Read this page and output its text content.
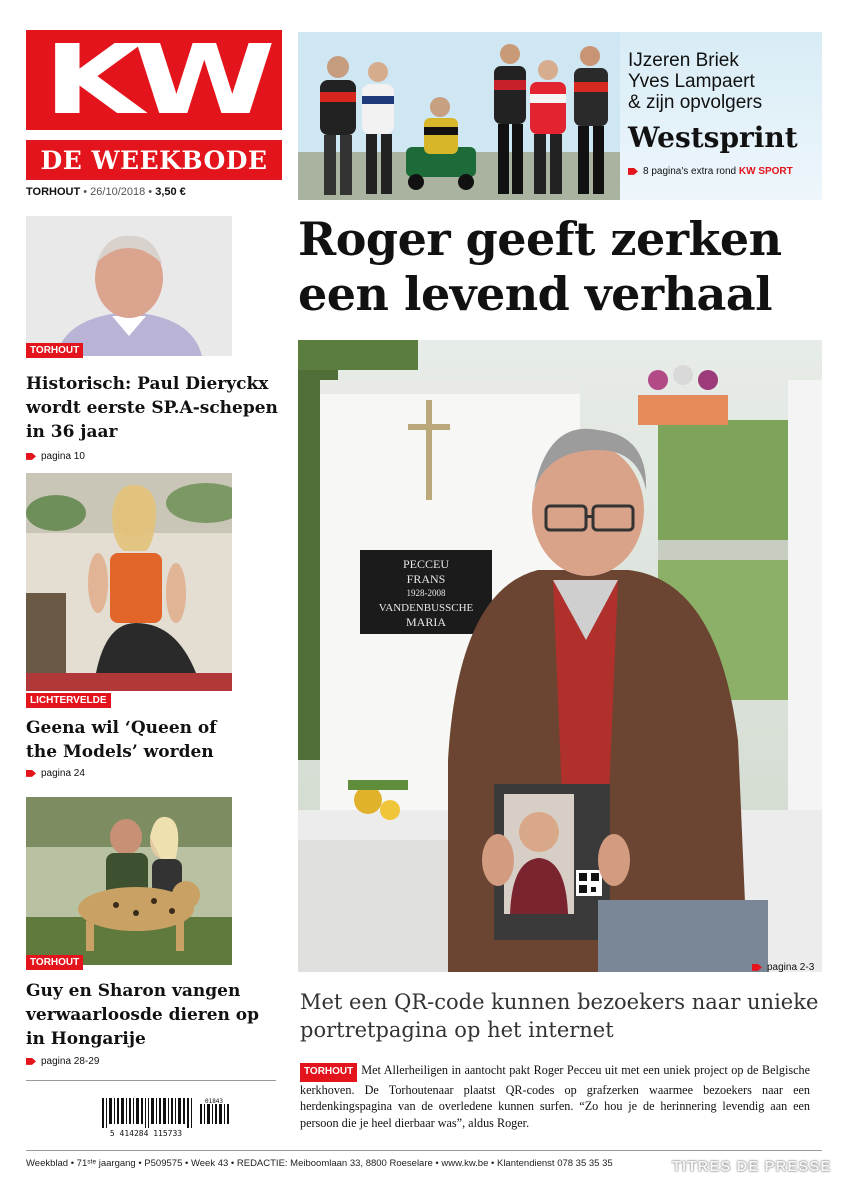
KW
DE WEEKBODE
TORHOUT • 26/10/2018 • 3,50 €
IJzeren Briek
Yves Lampaert
& zijn opvolgers
Westsprint
8 pagina's extra rond KW SPORT
Roger geeft zerken
een levend verhaal
PECCEU
FRANS
1928-2008
VANDENBUSSCHE
MARIA
pagina 2-3
Met een QR-code kunnen bezoekers naar unieke portretpagina op het internet
TORHOUT Met Allerheiligen in aantocht pakt Roger Pecceu uit met een uniek project op de Belgische kerkhoven. De Torhoutenaar plaatst QR-codes op grafzerken waarmee bezoekers naar een herdenkingspagina van de overledene kunnen surfen. “Zo hou je de herinnering levendig aan een persoon die je heel dierbaar was”, aldus Roger.
TORHOUT
Historisch: Paul Dieryckx wordt eerste SP.A-schepen in 36 jaar
pagina 10
LICHTERVELDE
Geena wil ‘Queen of the Models’ worden
pagina 24
TORHOUT
Guy en Sharon vangen verwaarloosde dieren op in Hongarije
pagina 28-29
5 414284 115733
01843
Weekblad • 71ˢᵗᵉ jaargang • P509575 • Week 43 • REDACTIE: Meiboomlaan 33, 8800 Roeselare • www.kw.be • Klantendienst 078 35 35 35	TITRES DE PRESSE
